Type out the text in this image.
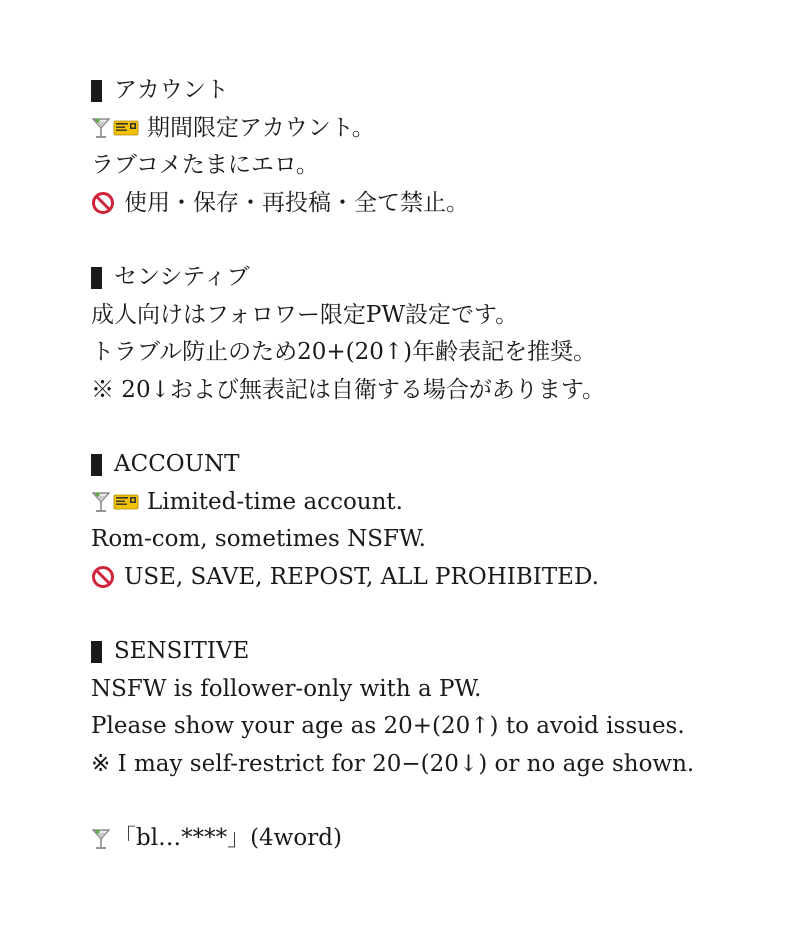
アカウント
期間限定アカウント。
ラブコメたまにエロ。
使用・保存・再投稿・全て禁止。
センシティブ
成人向けはフォロワー限定PW設定です。
トラブル防止のため20+(20↑)年齢表記を推奨。
※ 20↓および無表記は自衛する場合があります。
ACCOUNT
Limited-time account.
Rom-com, sometimes NSFW.
USE, SAVE, REPOST, ALL PROHIBITED.
SENSITIVE
NSFW is follower-only with a PW.
Please show your age as 20+(20↑) to avoid issues.
※ I may self-restrict for 20−(20↓) or no age shown.
「bl…****」(4word)
